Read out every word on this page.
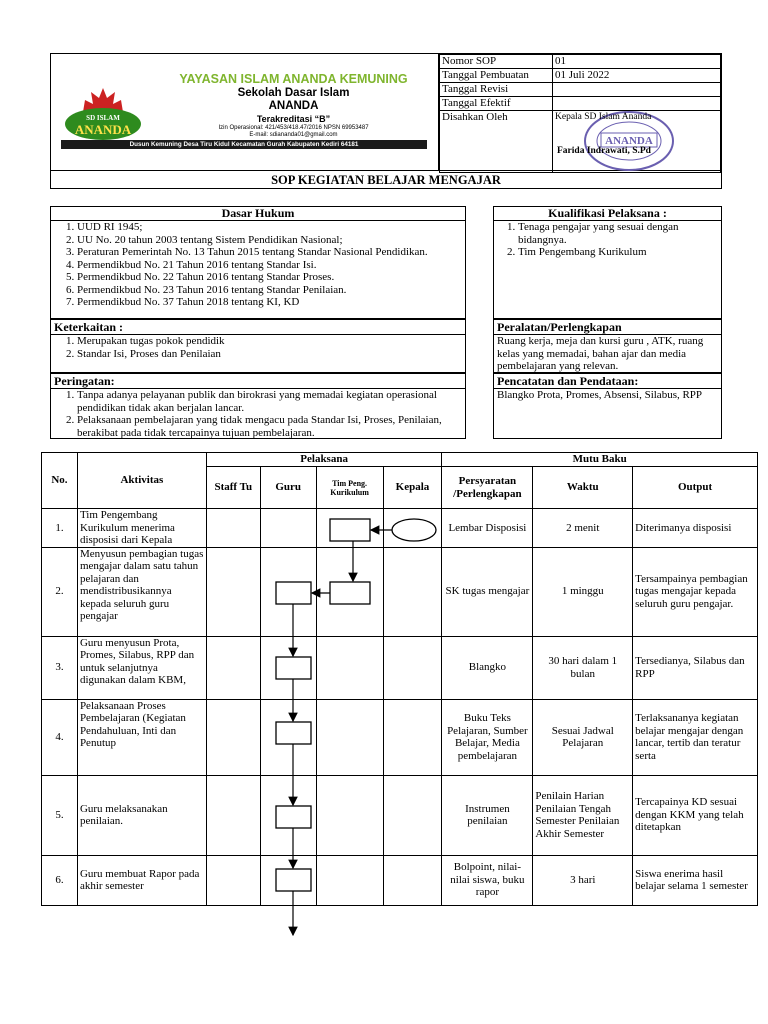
SD ISLAM
ANANDA
YAYASAN ISLAM ANANDA KEMUNING
Sekolah Dasar Islam
ANANDA
Terakreditasi “B”
Izin Operasional: 421/453/418.47/2016 NPSN 69953487
E-mail: sdiananda01@gmail.com
Dusun Kemuning Desa Tiru Kidul Kecamatan Gurah Kabupaten Kediri 64181
Nomor SOP	01
Tanggal Pembuatan	01 Juli 2022
Tanggal Revisi	
Tanggal Efektif	
Disahkan Oleh	Kepala SD Islam Ananda
ANANDA
Farida Indrawati, S.Pd
SOP KEGIATAN BELAJAR MENGAJAR
Dasar Hukum
1. UUD RI 1945;
2. UU No. 20 tahun 2003 tentang Sistem Pendidikan Nasional;
3. Peraturan Pemerintah No. 13 Tahun 2015 tentang Standar Nasional Pendidikan.
4. Permendikbud No. 21 Tahun 2016 tentang Standar Isi.
5. Permendikbud No. 22 Tahun 2016 tentang Standar Proses.
6. Permendikbud No. 23 Tahun 2016 tentang Standar Penilaian.
7. Permendikbud No. 37 Tahun 2018 tentang KI, KD
Keterkaitan :
1. Merupakan tugas pokok pendidik
2. Standar Isi, Proses dan Penilaian
Peringatan:
1. Tanpa adanya pelayanan publik dan birokrasi yang memadai kegiatan operasional pendidikan tidak akan berjalan lancar.
2. Pelaksanaan pembelajaran yang tidak mengacu pada Standar Isi, Proses, Penilaian, berakibat pada tidak tercapainya tujuan pembelajaran.
Kualifikasi Pelaksana :
1. Tenaga pengajar yang sesuai dengan bidangnya.
2. Tim Pengembang Kurikulum
Peralatan/Perlengkapan
Ruang kerja, meja dan kursi guru , ATK, ruang kelas yang memadai, bahan ajar dan media pembelajaran yang relevan.
Pencatatan dan Pendataan:
Blangko Prota, Promes, Absensi, Silabus, RPP
No.	Aktivitas	Pelaksana				Mutu Baku		
		Staff Tu	Guru	Tim Peng. Kurikulum	Kepala	Persyaratan /Perlengkapan	Waktu	Output
1.	Tim Pengembang Kurikulum menerima disposisi dari Kepala					Lembar Disposisi	2 menit	Diterimanya disposisi
2.	Menyusun pembagian tugas mengajar dalam satu tahun pelajaran dan mendistribusikannya kepada seluruh guru pengajar					SK tugas mengajar	1 minggu	Tersampainya pembagian tugas mengajar kepada seluruh guru pengajar.
3.	Guru menyusun Prota, Promes, Silabus, RPP dan untuk selanjutnya digunakan dalam KBM,					Blangko	30 hari dalam 1 bulan	Tersedianya, Silabus dan RPP
4.	Pelaksanaan Proses Pembelajaran (Kegiatan Pendahuluan, Inti dan Penutup					Buku Teks Pelajaran, Sumber Belajar, Media pembelajaran	Sesuai Jadwal Pelajaran	Terlaksananya kegiatan belajar mengajar dengan lancar, tertib dan teratur serta
5.	Guru melaksanakan penilaian.					Instrumen penilaian	Penilain Harian Penilaian Tengah Semester Penilaian Akhir Semester	Tercapainya KD sesuai dengan KKM yang telah ditetapkan
6.	Guru membuat Rapor pada akhir semester					Bolpoint, nilai-nilai siswa, buku rapor	3 hari	Siswa enerima hasil belajar selama 1 semester
